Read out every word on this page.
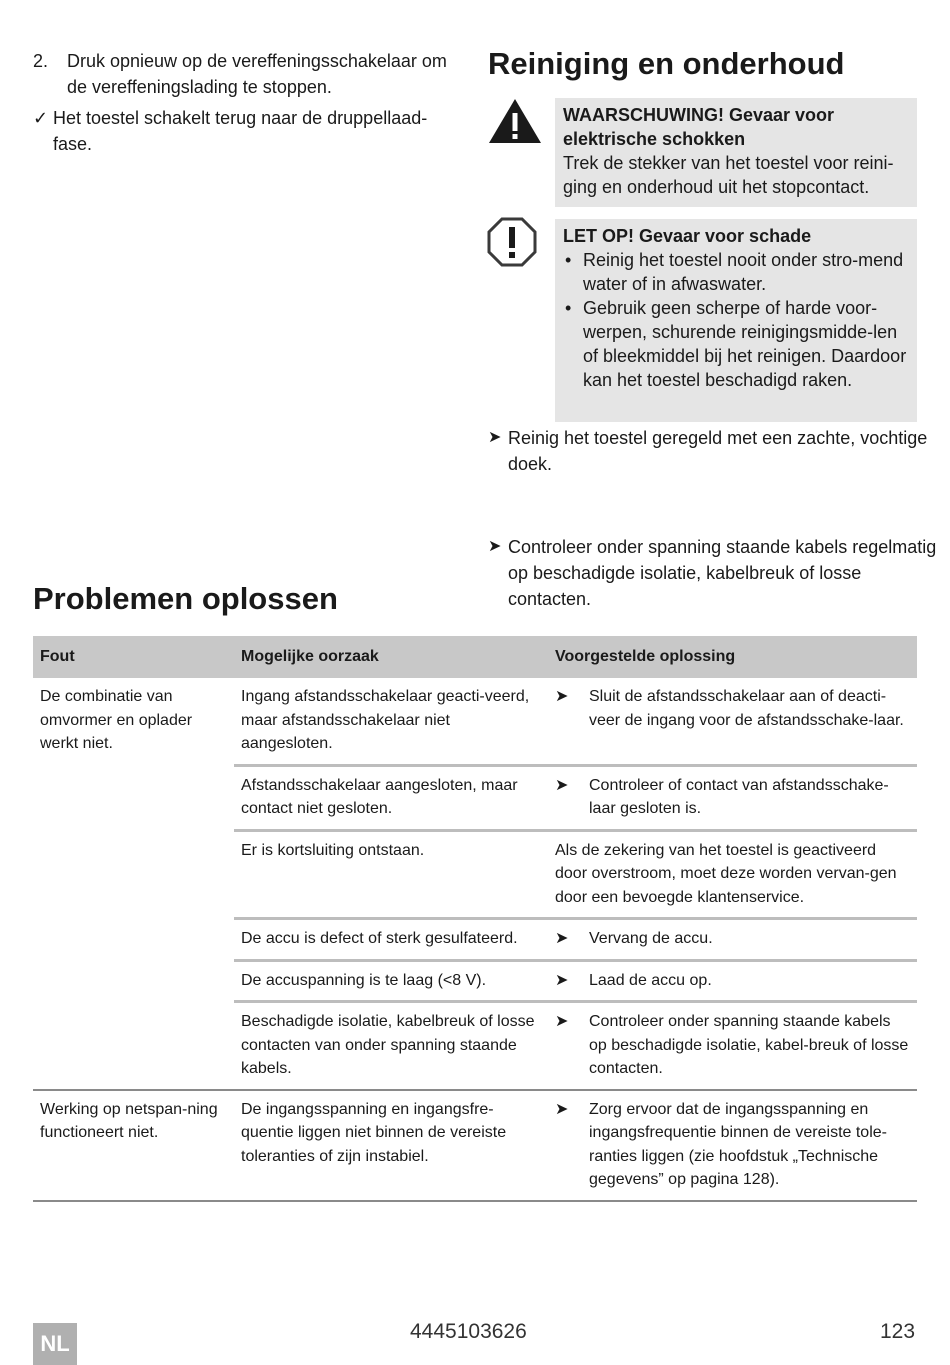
2. Druk opnieuw op de vereffeningsschakelaar om de vereffeningslading te stoppen.
✓ Het toestel schakelt terug naar de druppellaad-fase.
Reiniging en onderhoud
WAARSCHUWING! Gevaar voor elektrische schokken
Trek de stekker van het toestel voor reini-ging en onderhoud uit het stopcontact.
LET OP! Gevaar voor schade
• Reinig het toestel nooit onder stro-mend water of in afwaswater.
• Gebruik geen scherpe of harde voor-werpen, schurende reinigingsmidde-len of bleekmiddel bij het reinigen. Daardoor kan het toestel beschadigd raken.
➤ Reinig het toestel geregeld met een zachte, vochtige doek.
➤ Controleer onder spanning staande kabels regelmatig op beschadigde isolatie, kabelbreuk of losse contacten.
Problemen oplossen
Fout	Mogelijke oorzaak	Voorgestelde oplossing
De combinatie van omvormer en oplader werkt niet.	Ingang afstandsschakelaar geacti-veerd, maar afstandsschakelaar niet aangesloten.	➤ Sluit de afstandsschakelaar aan of deacti-veer de ingang voor de afstandsschake-laar.

	Afstandsschakelaar aangesloten, maar contact niet gesloten.	➤ Controleer of contact van afstandsschake-laar gesloten is.

	Er is kortsluiting ontstaan.	Als de zekering van het toestel is geactiveerd door overstroom, moet deze worden vervan-gen door een bevoegde klantenservice.
	De accu is defect of sterk gesulfateerd.	➤ Vervang de accu.

	De accuspanning is te laag (<8 V).	➤ Laad de accu op.

	Beschadigde isolatie, kabelbreuk of losse contacten van onder spanning staande kabels.	➤ Controleer onder spanning staande kabels op beschadigde isolatie, kabel-breuk of losse contacten.

Werking op netspan-ning functioneert niet.	De ingangsspanning en ingangsfre-quentie liggen niet binnen de vereiste toleranties of zijn instabiel.	➤ Zorg ervoor dat de ingangsspanning en ingangsfrequentie binnen de vereiste tole-ranties liggen (zie hoofdstuk „Technische gegevens” op pagina 128).
NL	4445103626	123
